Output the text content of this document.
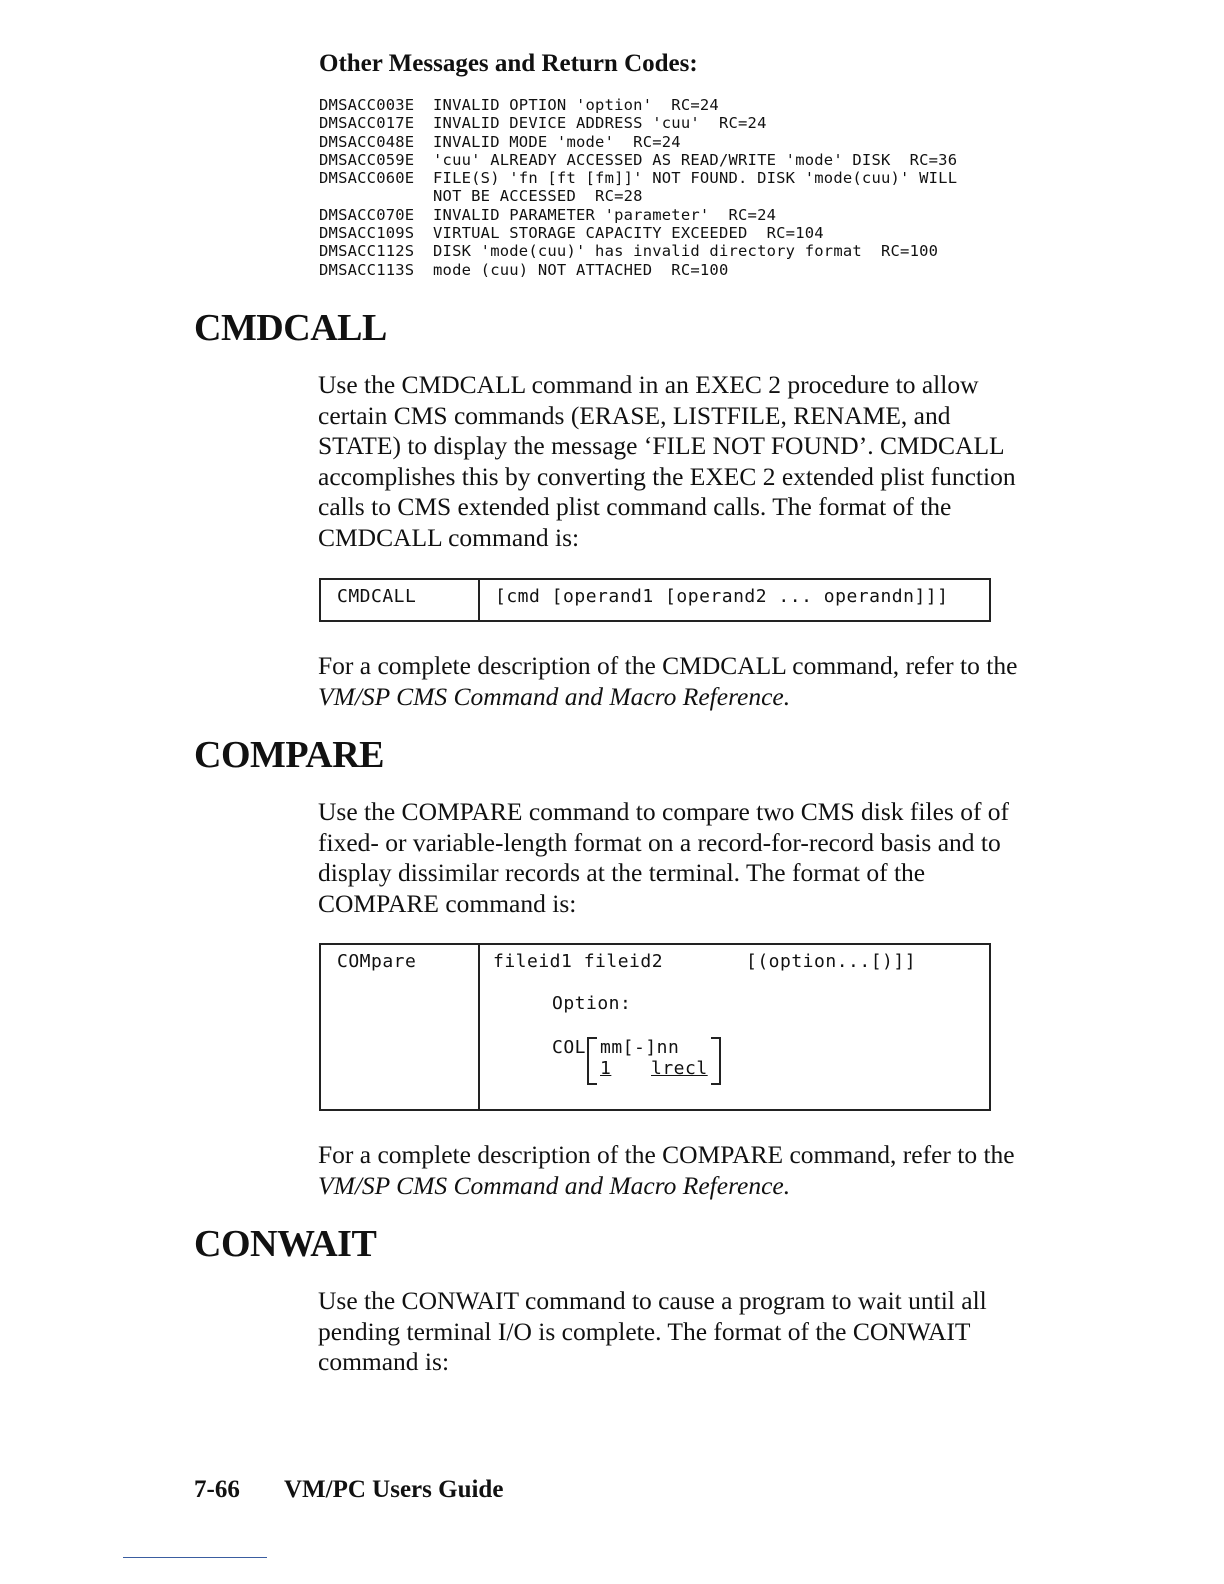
Other Messages and Return Codes:
DMSACC003E INVALID OPTION 'option'  RC=24
DMSACC017E INVALID DEVICE ADDRESS 'cuu'  RC=24
DMSACC048E INVALID MODE 'mode'  RC=24
DMSACC059E 'cuu' ALREADY ACCESSED AS READ/WRITE 'mode' DISK  RC=36
DMSACC060E FILE(S) 'fn [ft [fm]]' NOT FOUND. DISK 'mode(cuu)' WILL
NOT BE ACCESSED  RC=28
DMSACC070E INVALID PARAMETER 'parameter'  RC=24
DMSACC109S VIRTUAL STORAGE CAPACITY EXCEEDED  RC=104
DMSACC112S DISK 'mode(cuu)' has invalid directory format  RC=100
DMSACC113S mode (cuu) NOT ATTACHED  RC=100
CMDCALL

Use the CMDCALL command in an EXEC 2 procedure to allow certain CMS commands (ERASE, LISTFILE, RENAME, and STATE) to display the message ‘FILE NOT FOUND’. CMDCALL accomplishes this by converting the EXEC 2 extended plist function calls to CMS extended plist command calls. The format of the CMDCALL command is:

CMDCALL	[cmd [operand1 [operand2 ... operandn]]]

For a complete description of the CMDCALL command, refer to the VM/SP CMS Command and Macro Reference.

COMPARE

Use the COMPARE command to compare two CMS disk files of of fixed- or variable-length format on a record-for-record basis and to display dissimilar records at the terminal. The format of the COMPARE command is:

COMpare	fileid1 fileid2	[(option...[)]]
Option:
COL mm[-]nn
1 lrecl

For a complete description of the COMPARE command, refer to the VM/SP CMS Command and Macro Reference.

CONWAIT

Use the CONWAIT command to cause a program to wait until all pending terminal I/O is complete. The format of the CONWAIT command is:

7-66 VM/PC Users Guide
